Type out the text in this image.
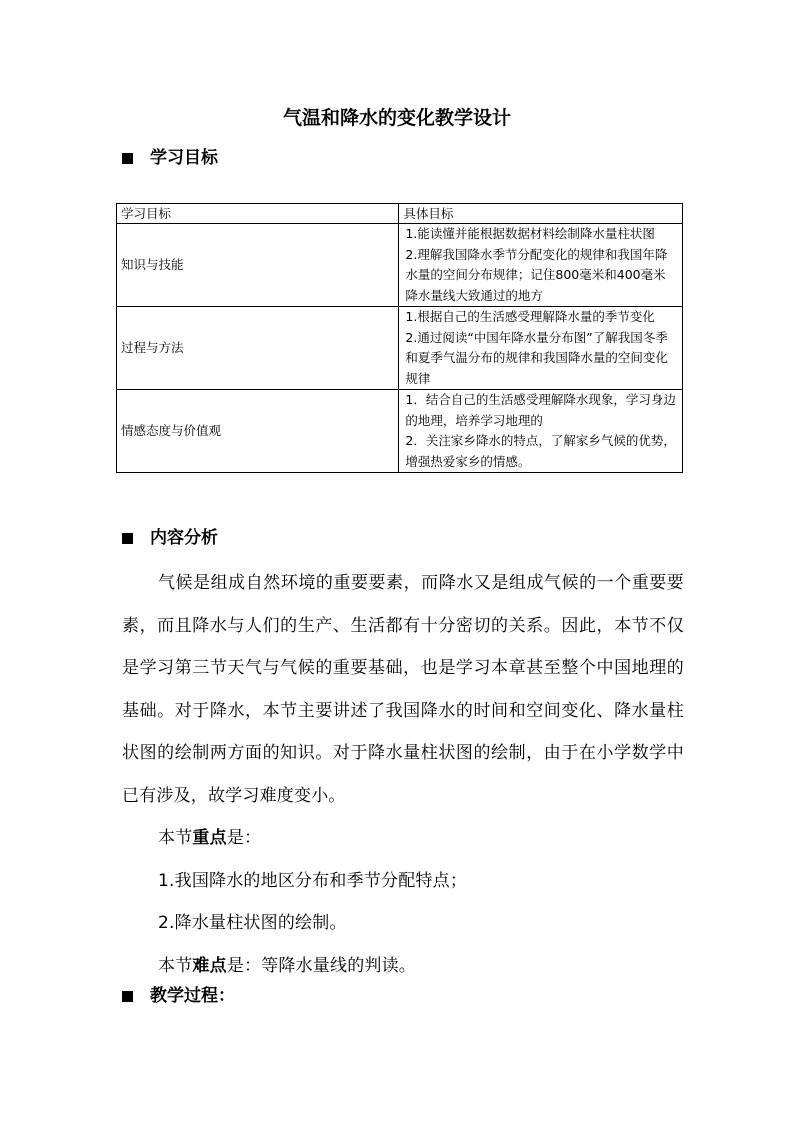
气温和降水的变化教学设计
学习目标
学习目标	具体目标
知识与技能	1.能读懂并能根据数据材料绘制降水量柱状图
2.理解我国降水季节分配变化的规律和我国年降水量的空间分布规律；记住800毫米和400毫米降水量线大致通过的地方

过程与方法	1.根据自己的生活感受理解降水量的季节变化
2.通过阅读“中国年降水量分布图”了解我国冬季和夏季气温分布的规律和我国降水量的空间变化规律

情感态度与价值观	1．结合自己的生活感受理解降水现象，学习身边的地理，培养学习地理的
2．关注家乡降水的特点，了解家乡气候的优势，增强热爱家乡的情感。
内容分析

气候是组成自然环境的重要要素，而降水又是组成气候的一个重要要素，而且降水与人们的生产、生活都有十分密切的关系。因此，本节不仅是学习第三节天气与气候的重要基础，也是学习本章甚至整个中国地理的基础。对于降水，本节主要讲述了我国降水的时间和空间变化、降水量柱状图的绘制两方面的知识。对于降水量柱状图的绘制，由于在小学数学中已有涉及，故学习难度变小。

本节重点是：

1.我国降水的地区分布和季节分配特点；

2.降水量柱状图的绘制。

本节难点是：等降水量线的判读。

教学过程：
